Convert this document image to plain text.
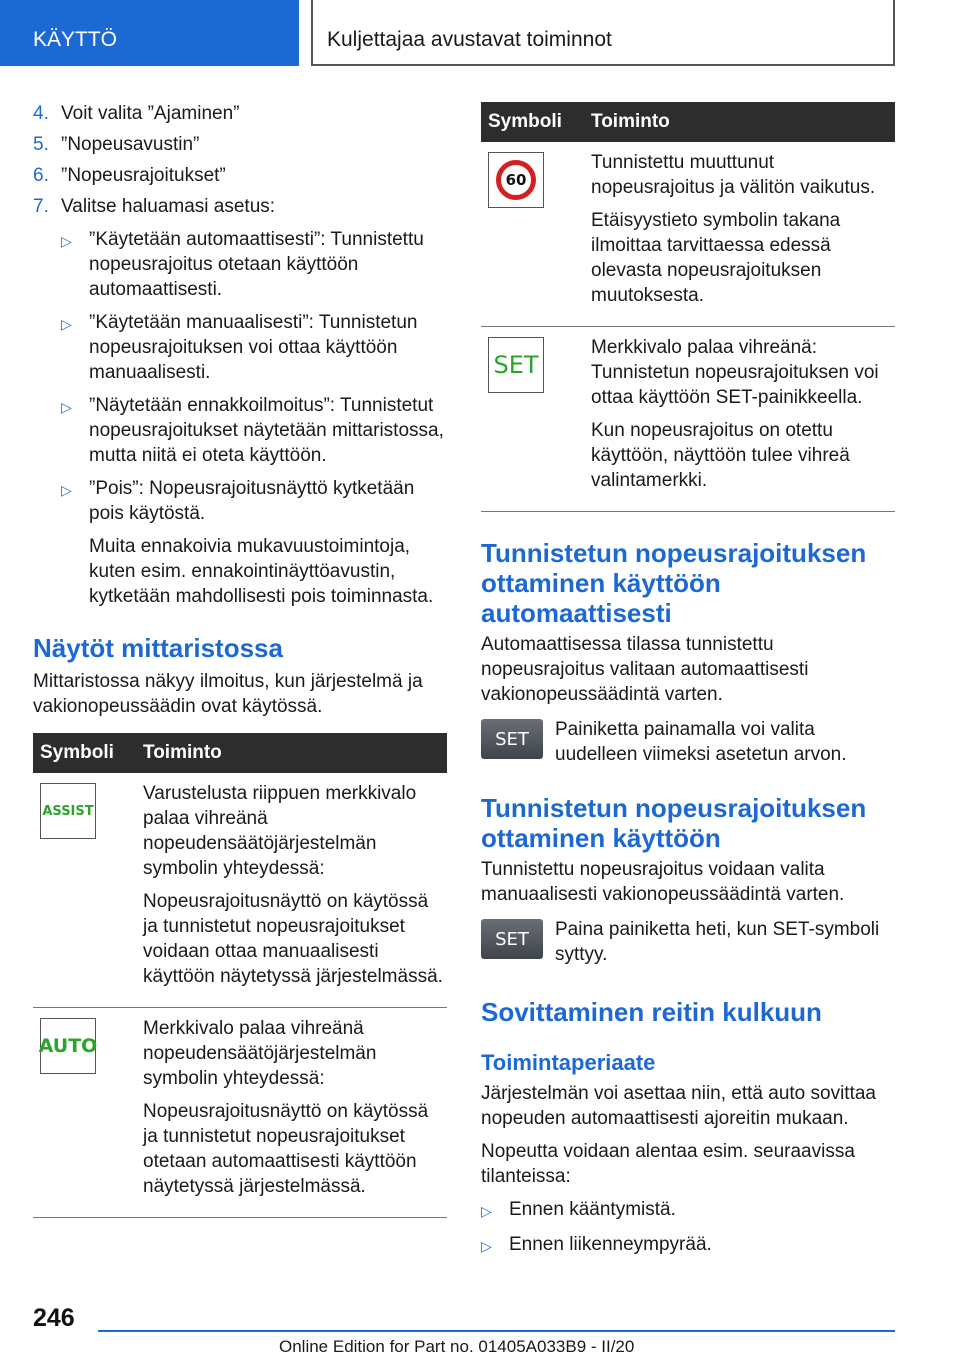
KÄYTTÖ	Kuljettajaa avustavat toiminnot
4. Voit valita ”Ajaminen”
5. ”Nopeusavustin”
6. ”Nopeusrajoitukset”
7. Valitse haluamasi asetus:
▷ ”Käytetään automaattisesti”: Tunnistettu nopeusrajoitus otetaan käyttöön automaattisesti.
▷ ”Käytetään manuaalisesti”: Tunnistetun nopeusrajoituksen voi ottaa käyttöön manuaalisesti.
▷ ”Näytetään ennakkoilmoitus”: Tunnistetut nopeusrajoitukset näytetään mittaristossa, mutta niitä ei oteta käyttöön.
▷ ”Pois”: Nopeusrajoitusnäyttö kytketään pois käytöstä.
Muita ennakoivia mukavuustoimintoja, kuten esim. ennakointinäyttöavustin, kytketään mahdollisesti pois toiminnasta.
Näytöt mittaristossa

Mittaristossa näkyy ilmoitus, kun järjestelmä ja vakionopeussäädin ovat käytössä.

Symboli	Toiminto

ASSIST	Varustelusta riippuen merkkivalo palaa vihreänä nopeudensäätöjärjestelmän symbolin yhteydessä:
Nopeusrajoitusnäyttö on käytössä ja tunnistetut nopeusrajoitukset voidaan ottaa manuaalisesti käyttöön näytetyssä järjestelmässä.

AUTO	Merkkivalo palaa vihreänä nopeudensäätöjärjestelmän symbolin yhteydessä:
Nopeusrajoitusnäyttö on käytössä ja tunnistetut nopeusrajoitukset otetaan automaattisesti käyttöön näytetyssä järjestelmässä.
Symboli	Toiminto

60	Tunnistettu muuttunut nopeusrajoitus ja välitön vaikutus.
Etäisyystieto symbolin takana ilmoittaa tarvittaessa edessä olevasta nopeusrajoituksen muutoksesta.

SET	Merkkivalo palaa vihreänä: Tunnistetun nopeusrajoituksen voi ottaa käyttöön SET-painikkeella.
Kun nopeusrajoitus on otettu käyttöön, näyttöön tulee vihreä valintamerkki.
Tunnistetun nopeusrajoituksen ottaminen käyttöön automaattisesti

Automaattisessa tilassa tunnistettu nopeusrajoitus valitaan automaattisesti vakionopeussäädintä varten.

SET	Painiketta painamalla voi valita uudelleen viimeksi asetetun arvon.

Tunnistetun nopeusrajoituksen ottaminen käyttöön

Tunnistettu nopeusrajoitus voidaan valita manuaalisesti vakionopeussäädintä varten.

SET	Paina painiketta heti, kun SET-symboli syttyy.

Sovittaminen reitin kulkuun
Toimintaperiaate

Järjestelmän voi asettaa niin, että auto sovittaa nopeuden automaattisesti ajoreitin mukaan.

Nopeutta voidaan alentaa esim. seuraavissa tilanteissa:

▷ Ennen kääntymistä.
▷ Ennen liikenneympyrää.
246
Online Edition for Part no. 01405A033B9 - II/20
